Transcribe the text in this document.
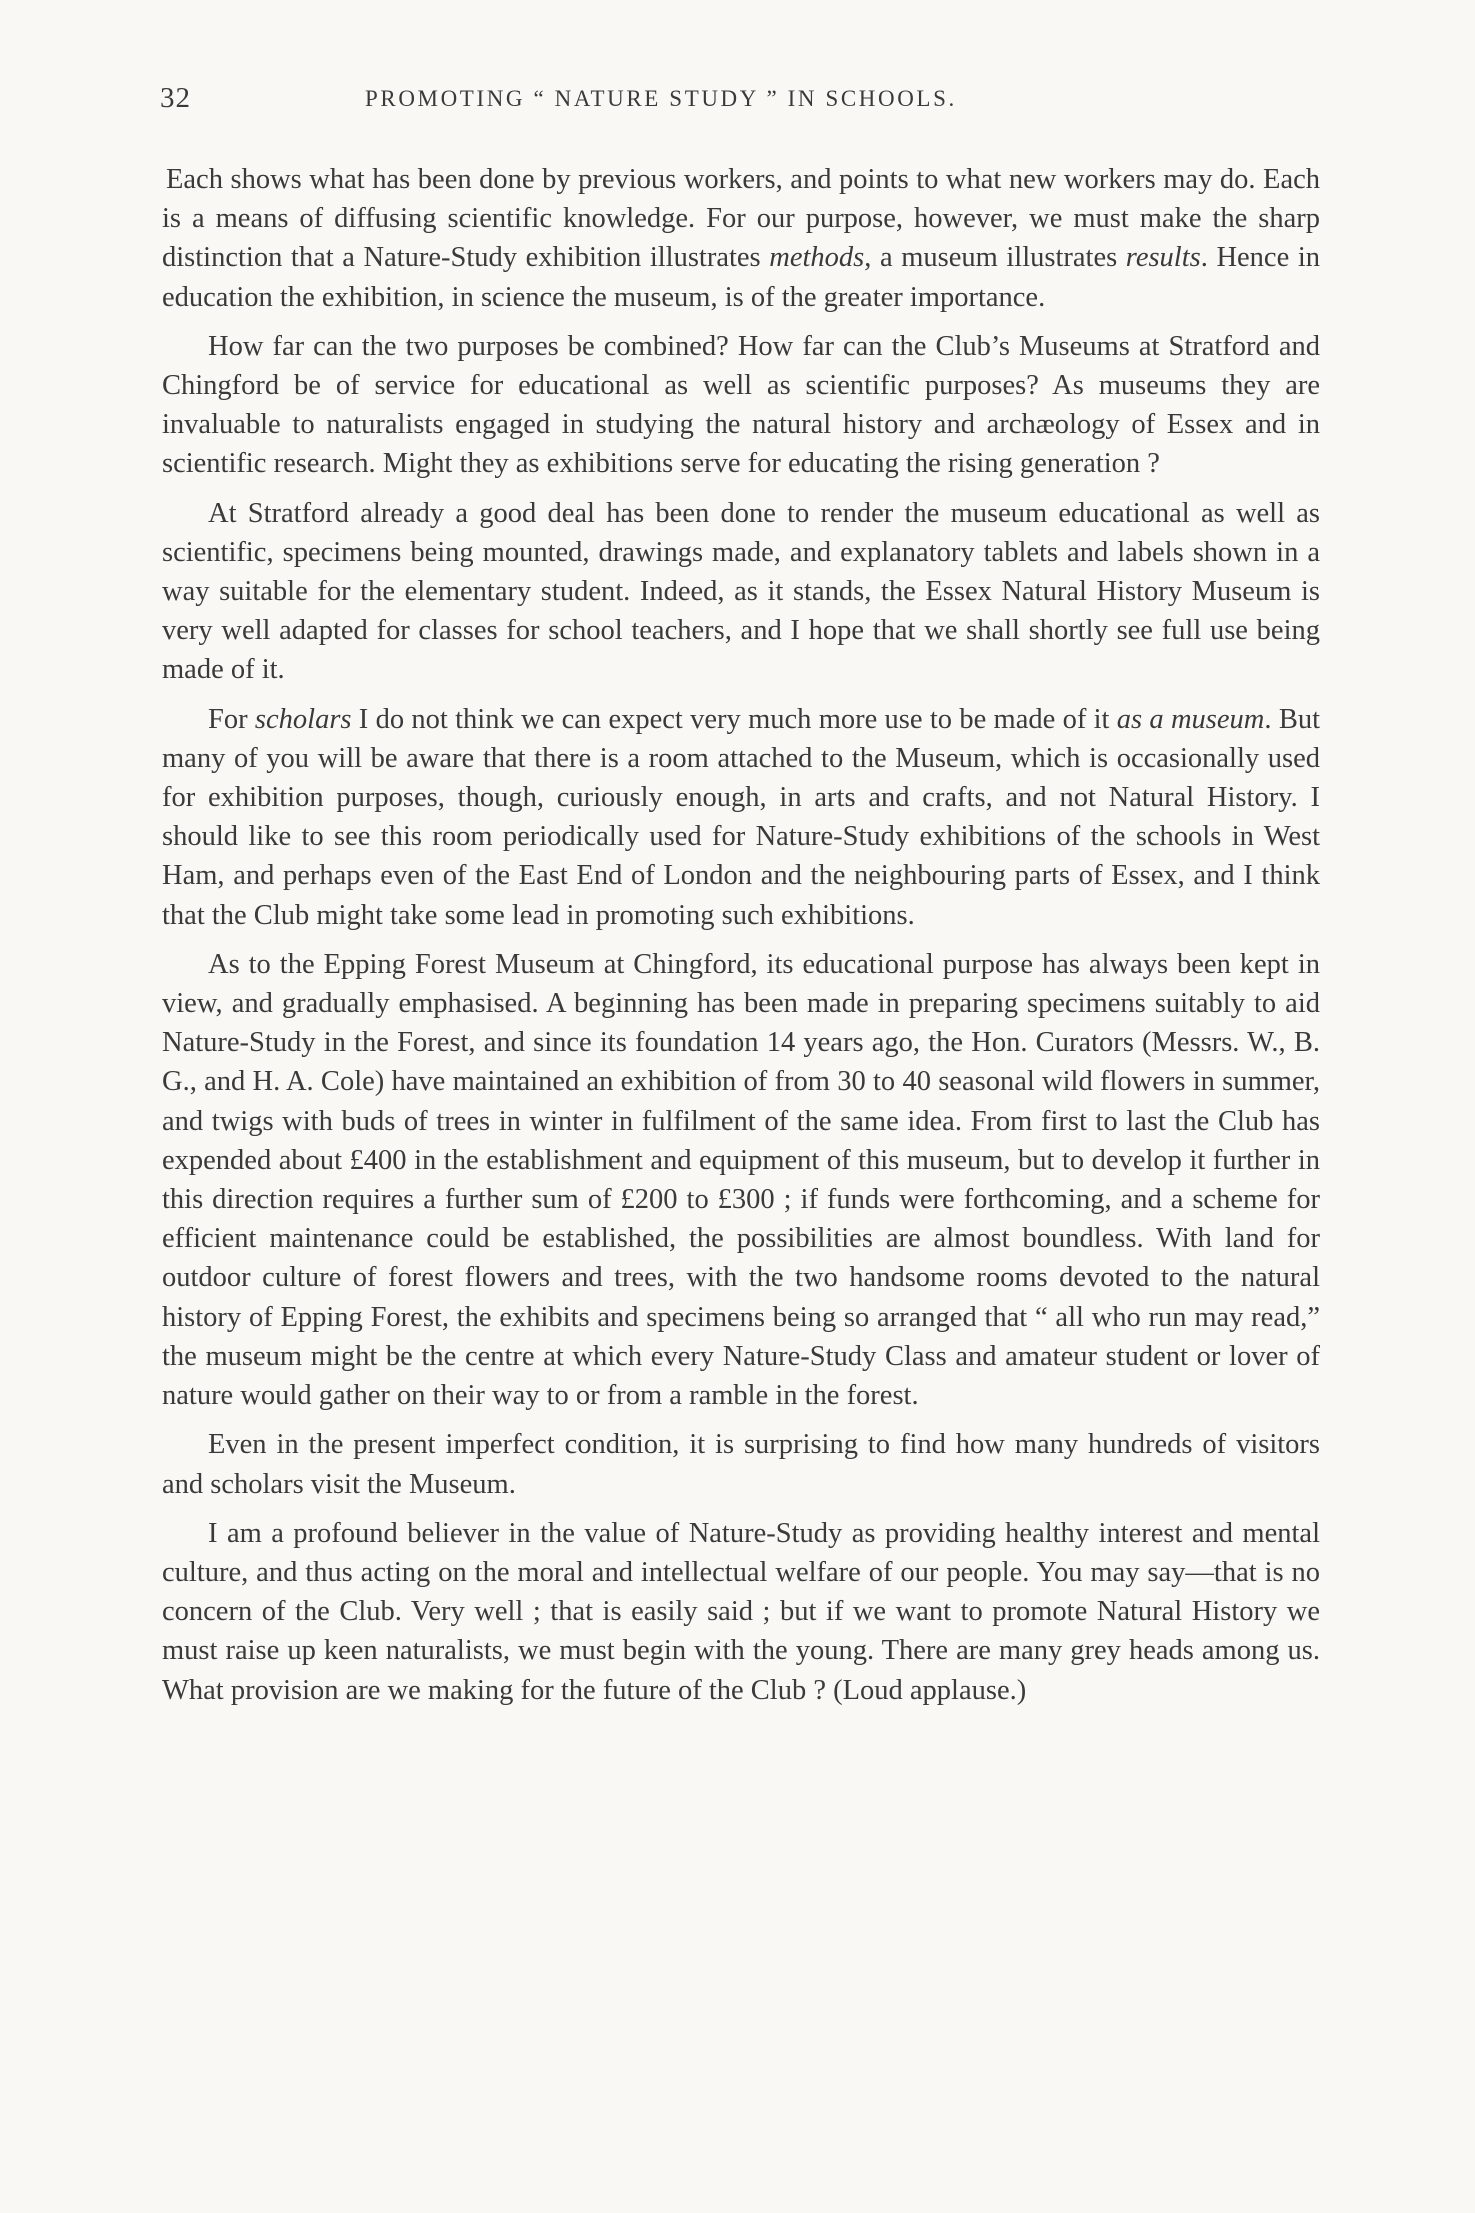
32	PROMOTING “ NATURE STUDY ” IN SCHOOLS.

Each shows what has been done by previous workers, and points to what new workers may do. Each is a means of diffusing scientific knowledge. For our purpose, however, we must make the sharp distinction that a Nature-Study exhibition illustrates methods, a museum illustrates results. Hence in education the exhibition, in science the museum, is of the greater importance.

How far can the two purposes be combined? How far can the Club’s Museums at Stratford and Chingford be of service for educational as well as scientific purposes? As museums they are invaluable to naturalists engaged in studying the natural history and archæology of Essex and in scientific research. Might they as exhibitions serve for educating the rising generation ?

At Stratford already a good deal has been done to render the museum educational as well as scientific, specimens being mounted, drawings made, and explanatory tablets and labels shown in a way suitable for the elementary student. Indeed, as it stands, the Essex Natural History Museum is very well adapted for classes for school teachers, and I hope that we shall shortly see full use being made of it.

For scholars I do not think we can expect very much more use to be made of it as a museum. But many of you will be aware that there is a room attached to the Museum, which is occasionally used for exhibition purposes, though, curiously enough, in arts and crafts, and not Natural History. I should like to see this room periodically used for Nature-Study exhibitions of the schools in West Ham, and perhaps even of the East End of London and the neighbouring parts of Essex, and I think that the Club might take some lead in promoting such exhibitions.

As to the Epping Forest Museum at Chingford, its educational purpose has always been kept in view, and gradually emphasised. A beginning has been made in preparing specimens suitably to aid Nature-Study in the Forest, and since its foundation 14 years ago, the Hon. Curators (Messrs. W., B. G., and H. A. Cole) have maintained an exhibition of from 30 to 40 seasonal wild flowers in summer, and twigs with buds of trees in winter in fulfilment of the same idea. From first to last the Club has expended about £400 in the establishment and equipment of this museum, but to develop it further in this direction requires a further sum of £200 to £300 ; if funds were forthcoming, and a scheme for efficient maintenance could be established, the possibilities are almost boundless. With land for outdoor culture of forest flowers and trees, with the two handsome rooms devoted to the natural history of Epping Forest, the exhibits and specimens being so arranged that “ all who run may read,” the museum might be the centre at which every Nature-Study Class and amateur student or lover of nature would gather on their way to or from a ramble in the forest.

Even in the present imperfect condition, it is surprising to find how many hundreds of visitors and scholars visit the Museum.

I am a profound believer in the value of Nature-Study as providing healthy interest and mental culture, and thus acting on the moral and intellectual welfare of our people. You may say—that is no concern of the Club. Very well ; that is easily said ; but if we want to promote Natural History we must raise up keen naturalists, we must begin with the young. There are many grey heads among us. What provision are we making for the future of the Club ? (Loud applause.)
